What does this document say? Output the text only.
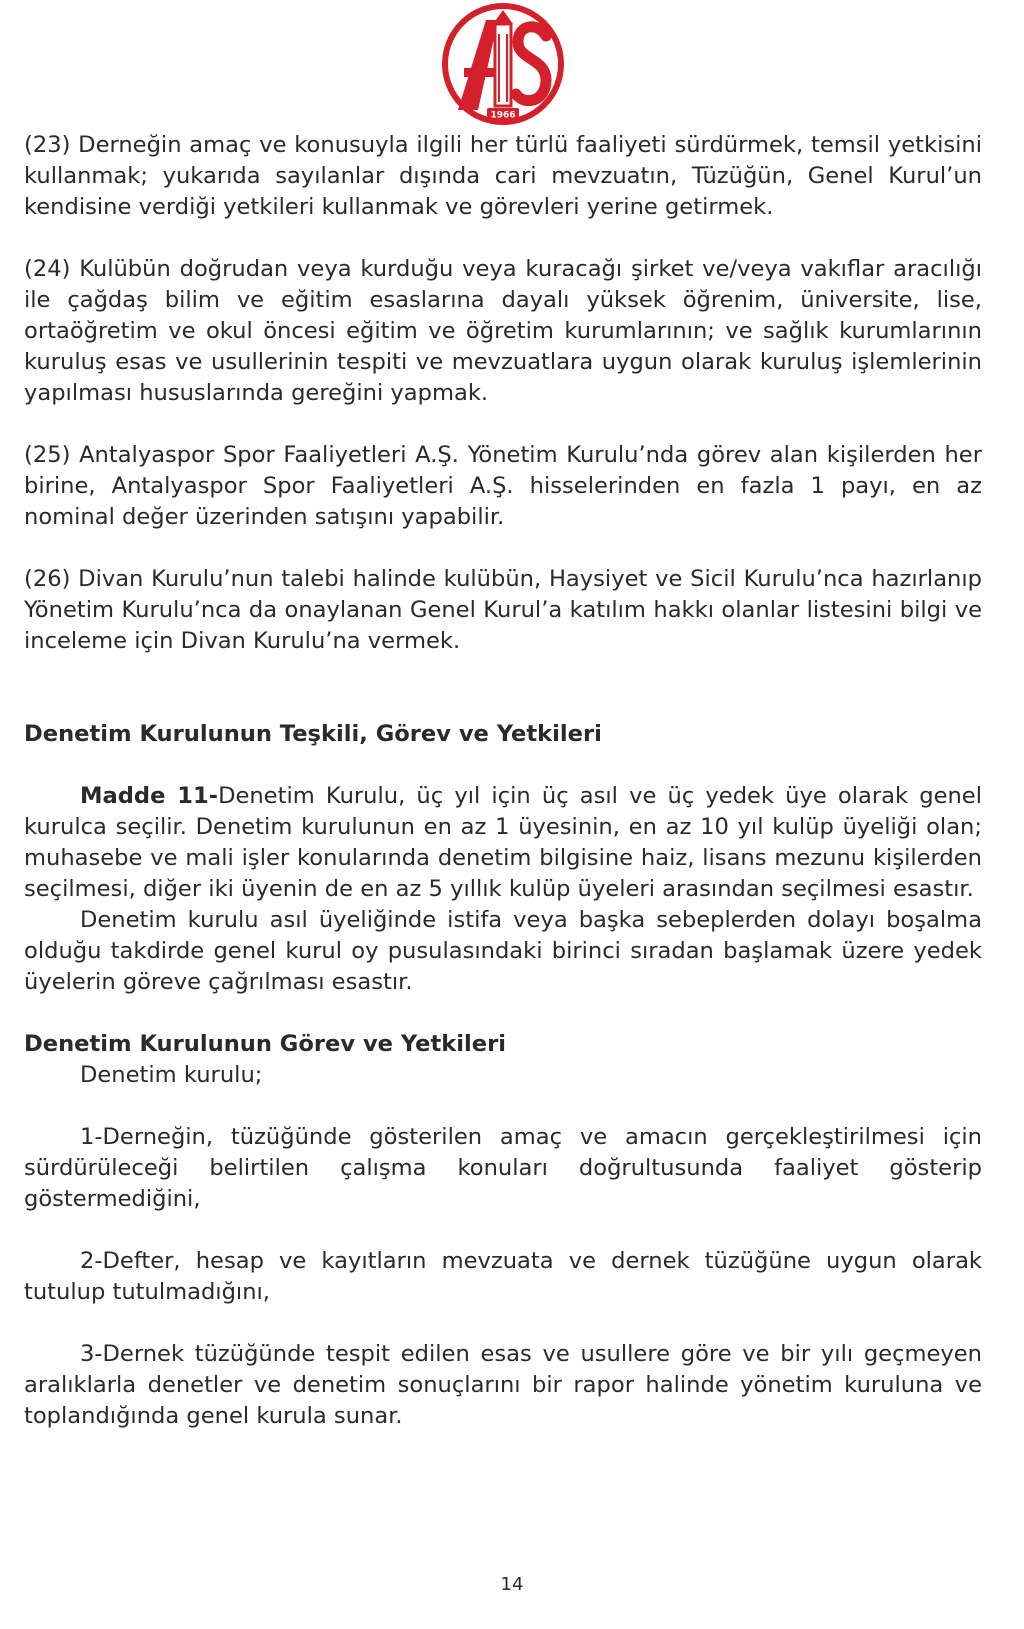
1966

(23) Derneğin amaç ve konusuyla ilgili her türlü faaliyeti sürdürmek, temsil yetkisini kullanmak; yukarıda sayılanlar dışında cari mevzuatın, Tüzüğün, Genel Kurul’un kendisine verdiği yetkileri kullanmak ve görevleri yerine getirmek.

(24) Kulübün doğrudan veya kurduğu veya kuracağı şirket ve/veya vakıflar aracılığı ile çağdaş bilim ve eğitim esaslarına dayalı yüksek öğrenim, üniversite, lise, ortaöğretim ve okul öncesi eğitim ve öğretim kurumlarının; ve sağlık kurumlarının kuruluş esas ve usullerinin tespiti ve mevzuatlara uygun olarak kuruluş işlemlerinin yapılması hususlarında gereğini yapmak.

(25) Antalyaspor Spor Faaliyetleri A.Ş. Yönetim Kurulu’nda görev alan kişilerden her birine, Antalyaspor Spor Faaliyetleri A.Ş. hisselerinden en fazla 1 payı, en az nominal değer üzerinden satışını yapabilir.

(26) Divan Kurulu’nun talebi halinde kulübün, Haysiyet ve Sicil Kurulu’nca hazırlanıp Yönetim Kurulu’nca da onaylanan Genel Kurul’a katılım hakkı olanlar listesini bilgi ve inceleme için Divan Kurulu’na vermek.

Denetim Kurulunun Teşkili, Görev ve Yetkileri

Madde 11-Denetim Kurulu, üç yıl için üç asıl ve üç yedek üye olarak genel kurulca seçilir. Denetim kurulunun en az 1 üyesinin, en az 10 yıl kulüp üyeliği olan; muhasebe ve mali işler konularında denetim bilgisine haiz, lisans mezunu kişilerden seçilmesi, diğer iki üyenin de en az 5 yıllık kulüp üyeleri arasından seçilmesi esastır.

Denetim kurulu asıl üyeliğinde istifa veya başka sebeplerden dolayı boşalma olduğu takdirde genel kurul oy pusulasındaki birinci sıradan başlamak üzere yedek üyelerin göreve çağrılması esastır.

Denetim Kurulunun Görev ve Yetkileri

Denetim kurulu;

1-Derneğin, tüzüğünde gösterilen amaç ve amacın gerçekleştirilmesi için sürdürüleceği belirtilen çalışma konuları doğrultusunda faaliyet gösterip göstermediğini,

2-Defter, hesap ve kayıtların mevzuata ve dernek tüzüğüne uygun olarak tutulup tutulmadığını,

3-Dernek tüzüğünde tespit edilen esas ve usullere göre ve bir yılı geçmeyen aralıklarla denetler ve denetim sonuçlarını bir rapor halinde yönetim kuruluna ve toplandığında genel kurula sunar.

14
